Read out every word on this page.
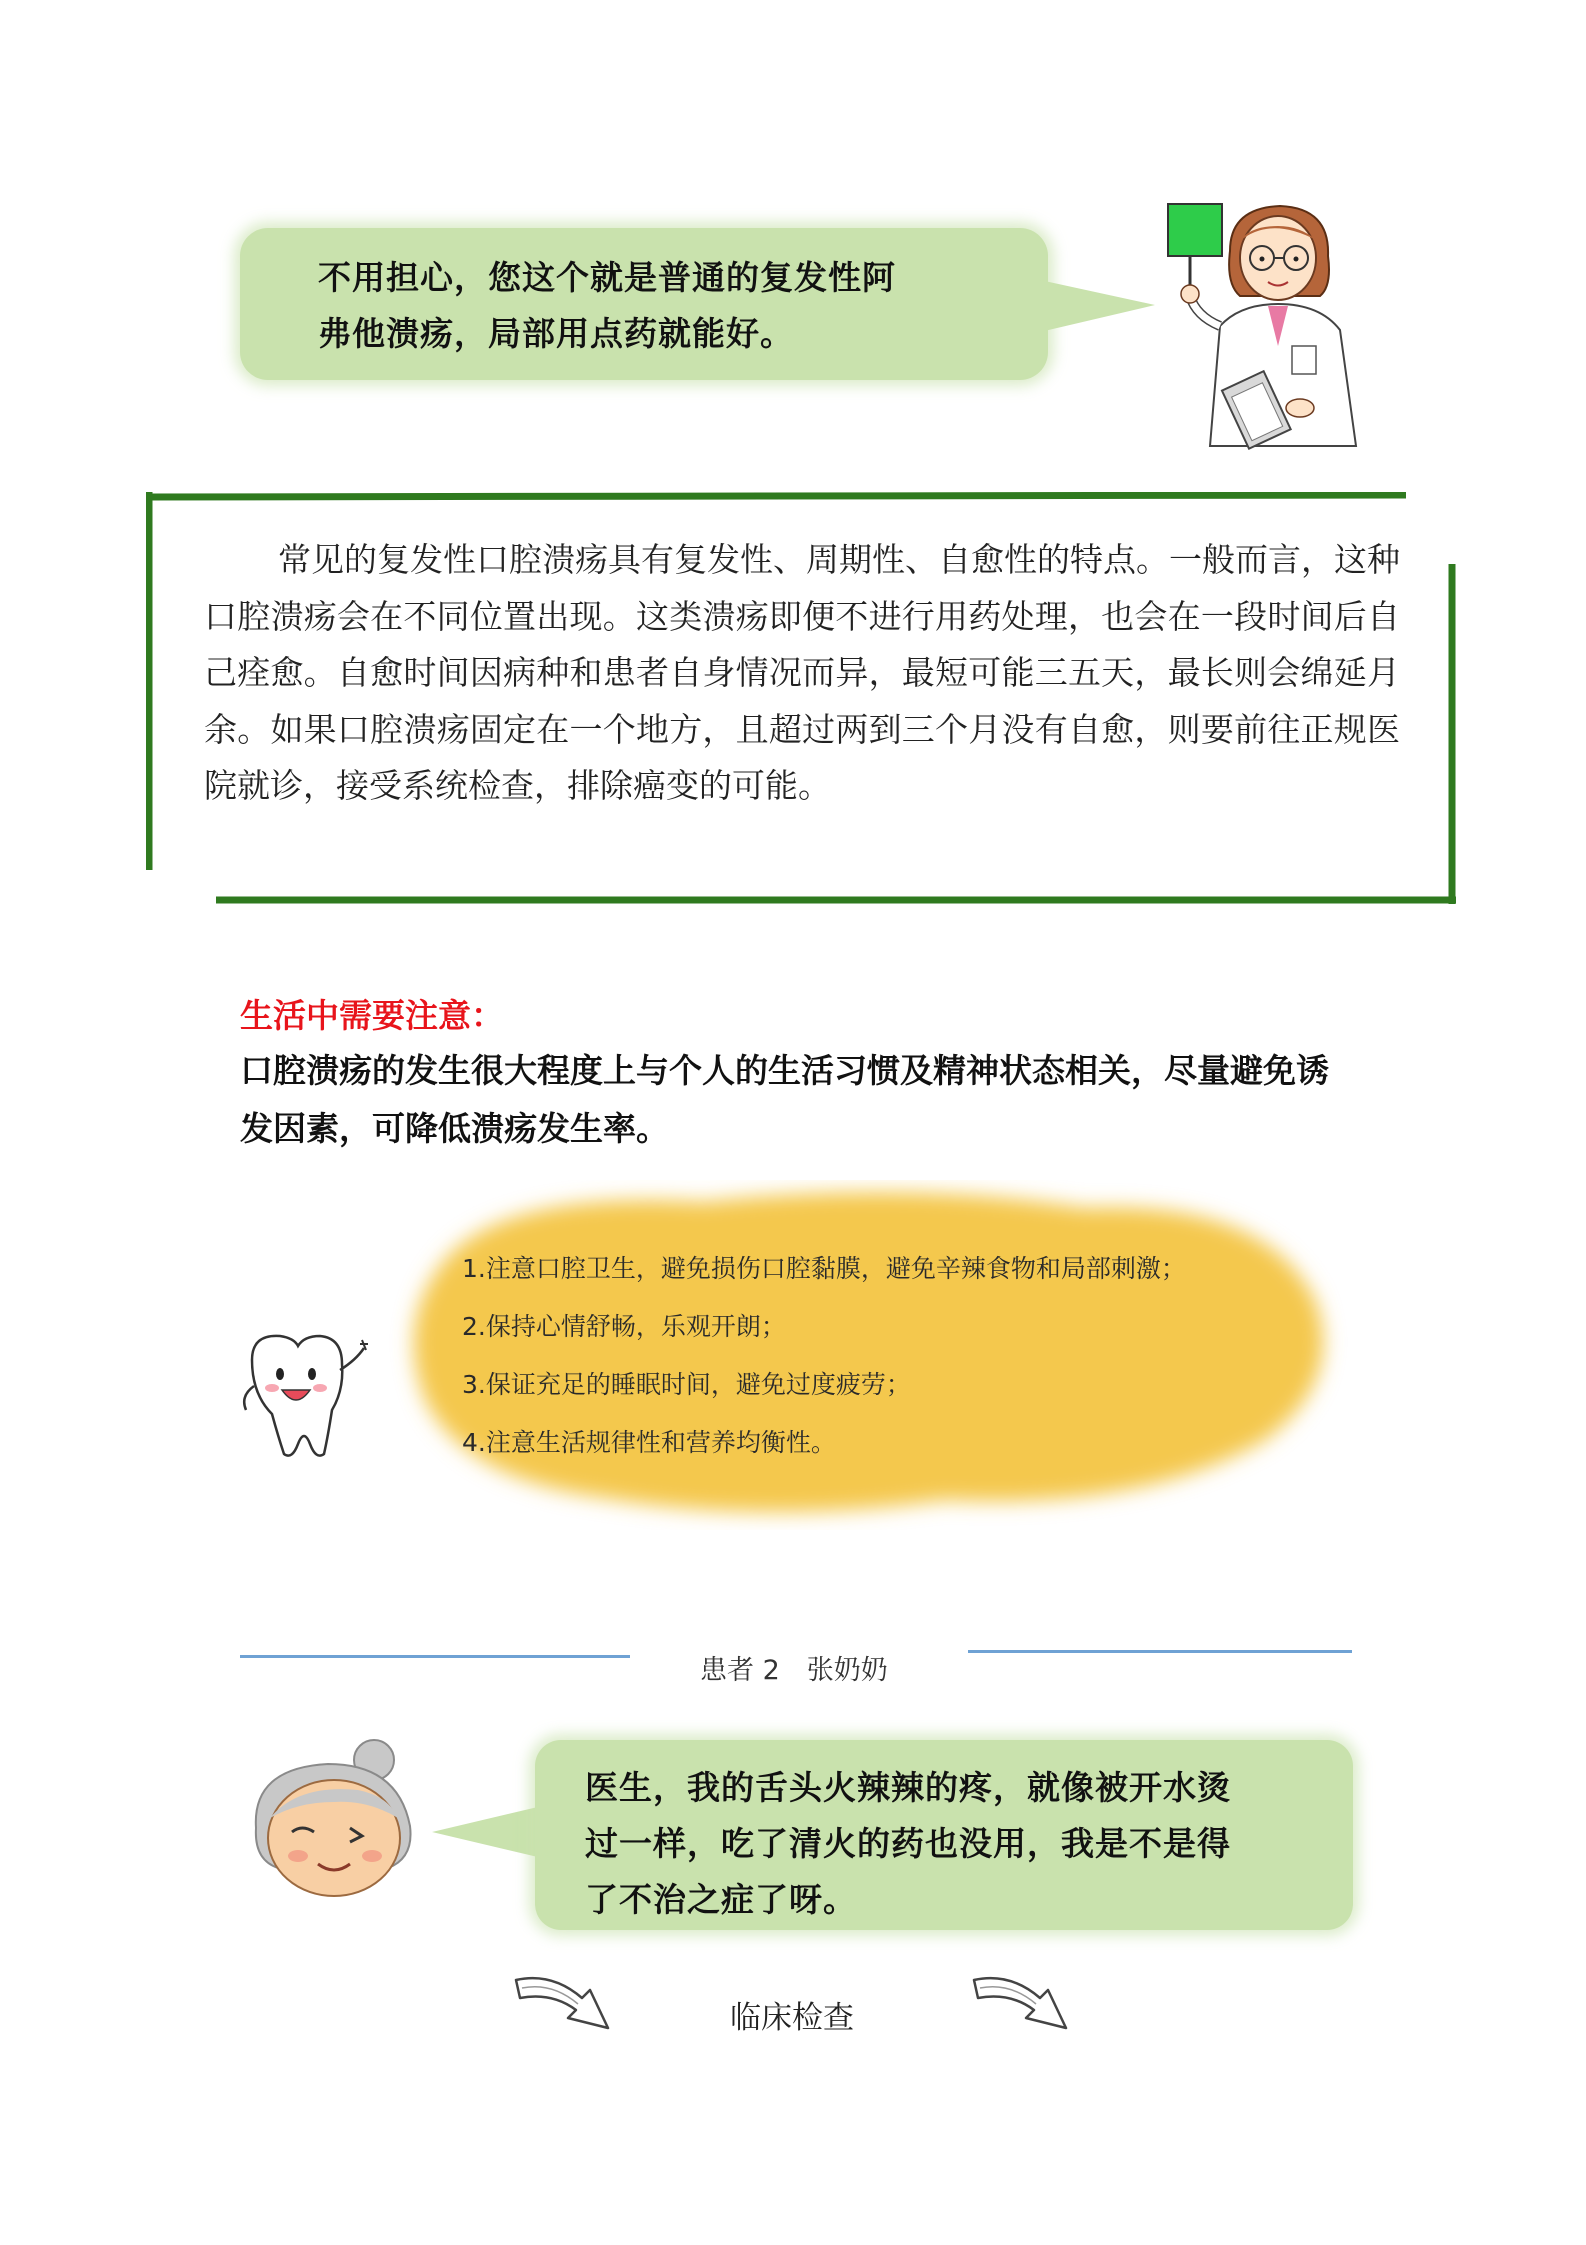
不用担心，您这个就是普通的复发性阿
弗他溃疡，局部用点药就能好。
常见的复发性口腔溃疡具有复发性、周期性、自愈性的特点。一般而言，这种口腔溃疡会在不同位置出现。这类溃疡即便不进行用药处理，也会在一段时间后自己痊愈。自愈时间因病种和患者自身情况而异，最短可能三五天，最长则会绵延月余。如果口腔溃疡固定在一个地方，且超过两到三个月没有自愈，则要前往正规医院就诊，接受系统检查，排除癌变的可能。
生活中需要注意：
口腔溃疡的发生很大程度上与个人的生活习惯及精神状态相关，尽量避免诱发因素，可降低溃疡发生率。
1.注意口腔卫生，避免损伤口腔黏膜，避免辛辣食物和局部刺激；
2.保持心情舒畅，乐观开朗；
3.保证充足的睡眠时间，避免过度疲劳；
4.注意生活规律性和营养均衡性。
患者 2　张奶奶
医生，我的舌头火辣辣的疼，就像被开水烫
过一样，吃了清火的药也没用，我是不是得
了不治之症了呀。
临床检查
